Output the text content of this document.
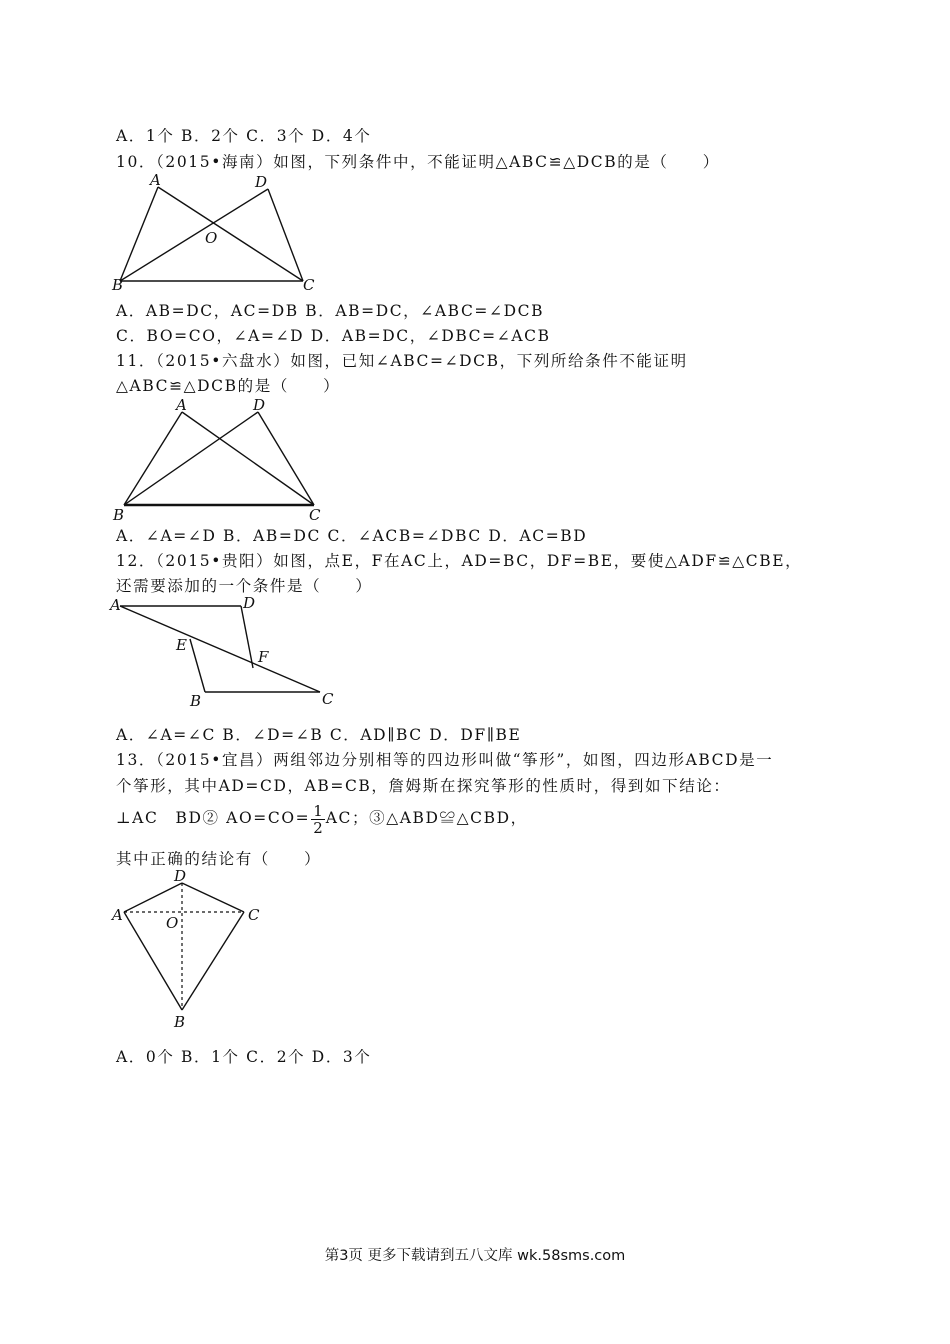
A．1个 B．2个 C．3个 D．4个
10．（2015•海南）如图，下列条件中，不能证明△ABC≌△DCB的是（　　）
A	D
O
B	C
A．AB=DC，AC=DB B．AB=DC，∠ABC=∠DCB
C．BO=CO，∠A=∠D D．AB=DC，∠DBC=∠ACB
11．（2015•六盘水）如图，已知∠ABC=∠DCB，下列所给条件不能证明
△ABC≌△DCB的是（　　）
A	D
B	C
A．∠A=∠D B．AB=DC C．∠ACB=∠DBC D．AC=BD
12．（2015•贵阳）如图，点E，F在AC上，AD=BC，DF=BE，要使△ADF≌△CBE，
还需要添加的一个条件是（　　）
A	D
E
F
B	C
A．∠A=∠C B．∠D=∠B C．AD∥BC D．DF∥BE
13．（2015•宜昌）两组邻边分别相等的四边形叫做“筝形”，如图，四边形ABCD是一
个筝形，其中AD=CD，AB=CB，詹姆斯在探究筝形的性质时，得到如下结论：
⊥AC　BD② $AO=CO= \frac{1}{2}$ AC；③△ABD≌△CBD，
其中正确的结论有（　　）
D
A	O	C
B
A．0个 B．1个 C．2个 D．3个
第3页 更多下载请到五八文库 wk.58sms.com
